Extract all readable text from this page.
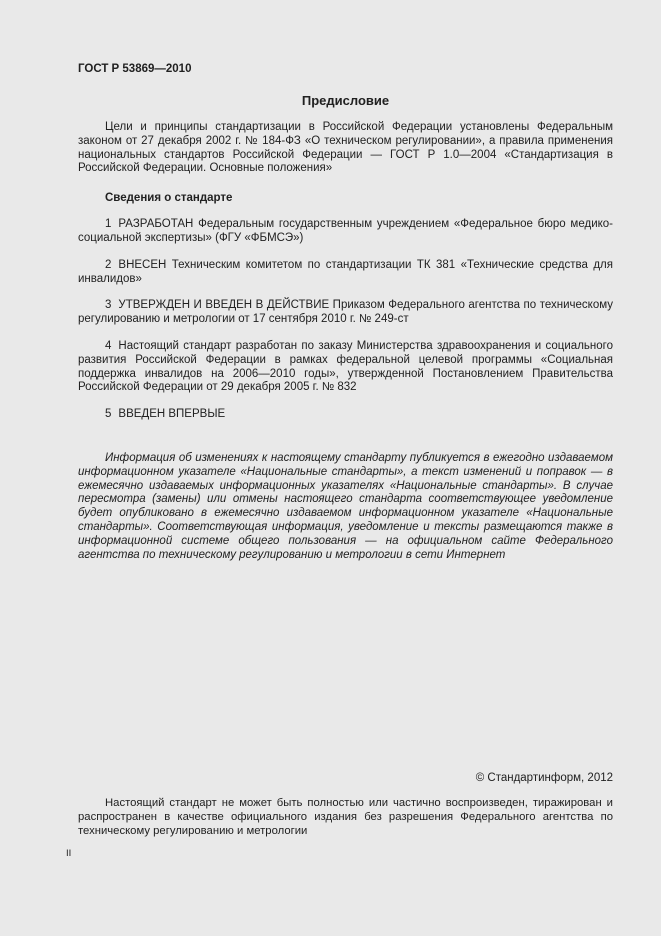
ГОСТ Р 53869—2010
Предисловие

Цели и принципы стандартизации в Российской Федерации установлены Федеральным законом от 27 декабря 2002 г. № 184-ФЗ «О техническом регулировании», а правила применения национальных стандартов Российской Федерации — ГОСТ Р 1.0—2004 «Стандартизация в Российской Федерации. Основные положения»

Сведения о стандарте

1 РАЗРАБОТАН Федеральным государственным учреждением «Федеральное бюро медико-социальной экспертизы» (ФГУ «ФБМСЭ»)

2 ВНЕСЕН Техническим комитетом по стандартизации ТК 381 «Технические средства для инвалидов»

3 УТВЕРЖДЕН И ВВЕДЕН В ДЕЙСТВИЕ Приказом Федерального агентства по техническому регулированию и метрологии от 17 сентября 2010 г. № 249-ст

4 Настоящий стандарт разработан по заказу Министерства здравоохранения и социального развития Российской Федерации в рамках федеральной целевой программы «Социальная поддержка инвалидов на 2006—2010 годы», утвержденной Постановлением Правительства Российской Федерации от 29 декабря 2005 г. № 832

5 ВВЕДЕН ВПЕРВЫЕ

Информация об изменениях к настоящему стандарту публикуется в ежегодно издаваемом информационном указателе «Национальные стандарты», а текст изменений и поправок — в ежемесячно издаваемых информационных указателях «Национальные стандарты». В случае пересмотра (замены) или отмены настоящего стандарта соответствующее уведомление будет опубликовано в ежемесячно издаваемом информационном указателе «Национальные стандарты». Соответствующая информация, уведомление и тексты размещаются также в информационной системе общего пользования — на официальном сайте Федерального агентства по техническому регулированию и метрологии в сети Интернет

© Стандартинформ, 2012

Настоящий стандарт не может быть полностью или частично воспроизведен, тиражирован и распространен в качестве официального издания без разрешения Федерального агентства по техническому регулированию и метрологии

II
